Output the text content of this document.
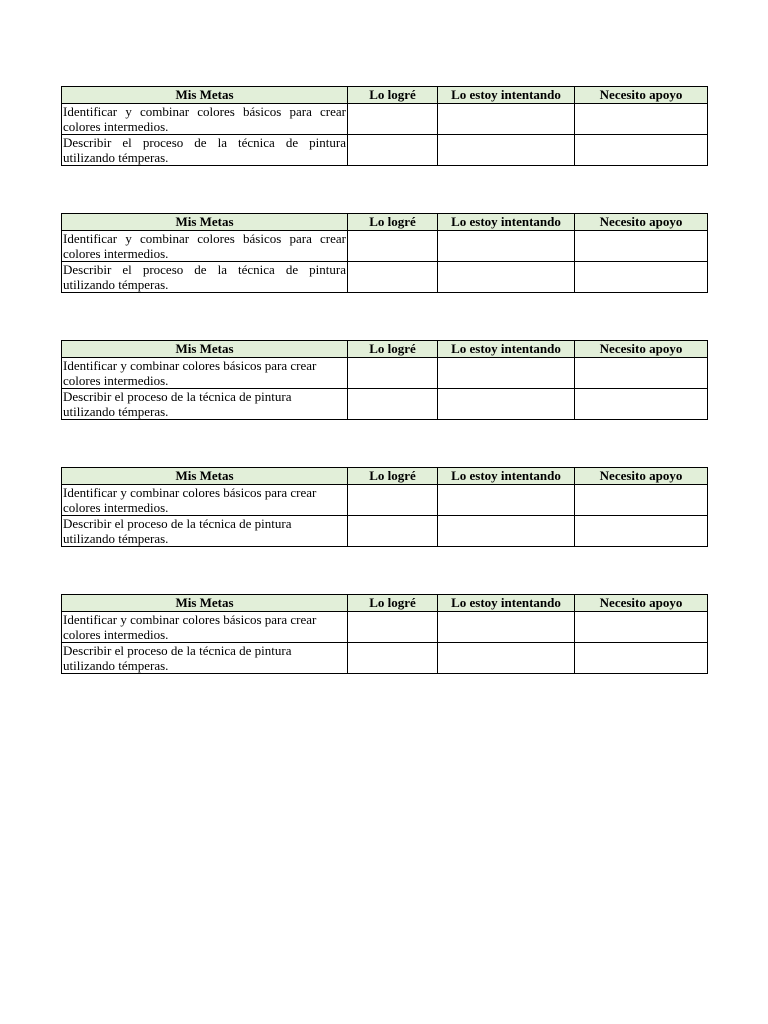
Mis Metas	Lo logré	Lo estoy intentando	Necesito apoyo
Identificar y combinar colores básicos para crear colores intermedios.			
Describir el proceso de la técnica de pintura utilizando témperas.			
Mis Metas	Lo logré	Lo estoy intentando	Necesito apoyo
Identificar y combinar colores básicos para crear colores intermedios.			
Describir el proceso de la técnica de pintura utilizando témperas.			
Mis Metas	Lo logré	Lo estoy intentando	Necesito apoyo
Identificar y combinar colores básicos para crear colores intermedios.			
Describir el proceso de la técnica de pintura utilizando témperas.			
Mis Metas	Lo logré	Lo estoy intentando	Necesito apoyo
Identificar y combinar colores básicos para crear colores intermedios.			
Describir el proceso de la técnica de pintura utilizando témperas.			
Mis Metas	Lo logré	Lo estoy intentando	Necesito apoyo
Identificar y combinar colores básicos para crear colores intermedios.			
Describir el proceso de la técnica de pintura utilizando témperas.			
